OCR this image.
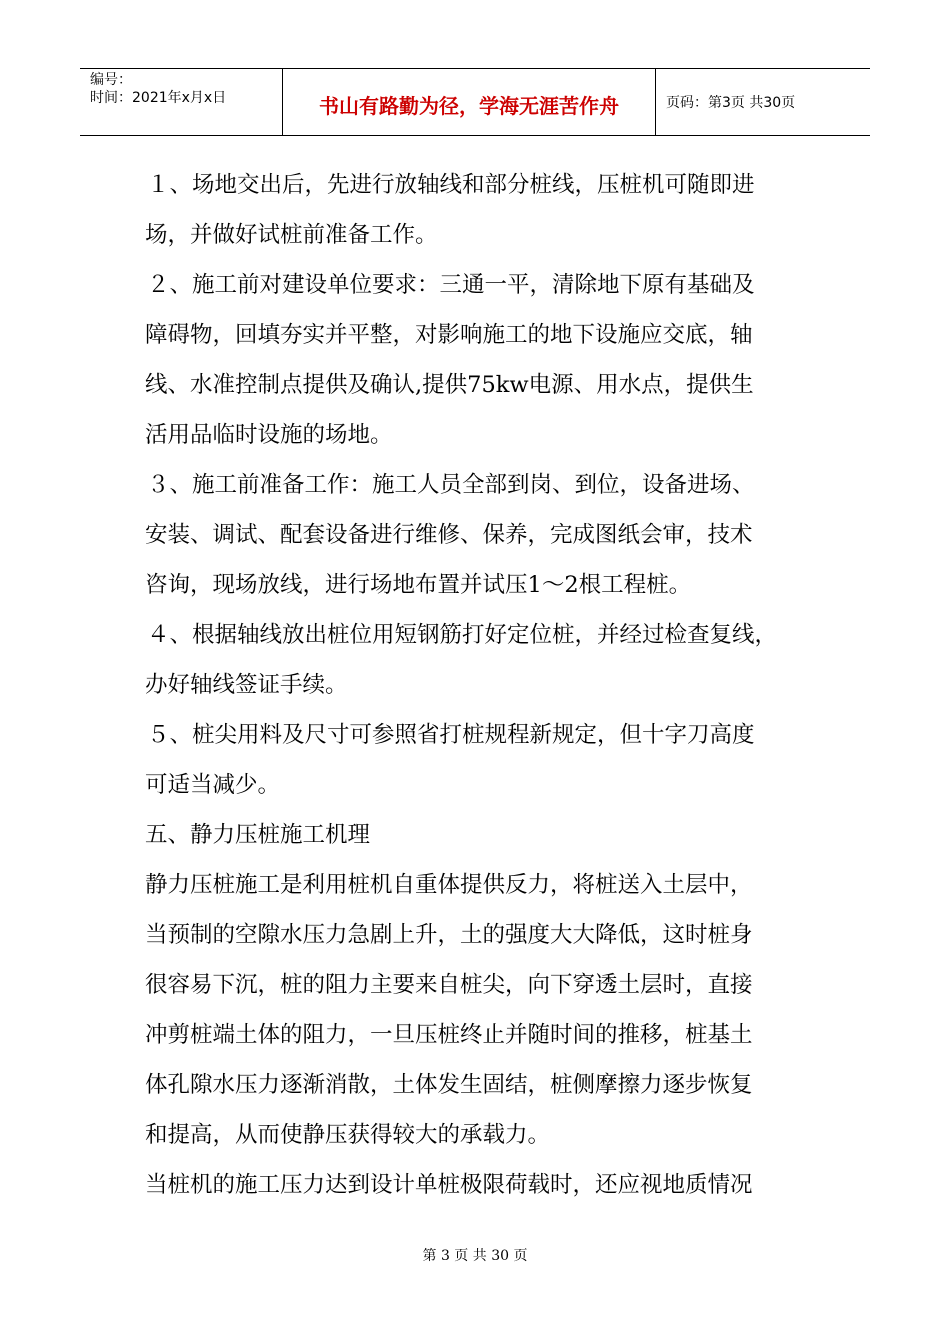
编号：
时间：2021年x月x日	书山有路勤为径，学海无涯苦作舟	页码：第3页 共30页

１、场地交出后，先进行放轴线和部分桩线，压桩机可随即进

场，并做好试桩前准备工作。

２、施工前对建设单位要求：三通一平，清除地下原有基础及

障碍物，回填夯实并平整，对影响施工的地下设施应交底，轴

线、水准控制点提供及确认,提供75kw电源、用水点，提供生

活用品临时设施的场地。

３、施工前准备工作：施工人员全部到岗、到位，设备进场、

安装、调试、配套设备进行维修、保养，完成图纸会审，技术

咨询，现场放线，进行场地布置并试压1～2根工程桩。

４、根据轴线放出桩位用短钢筋打好定位桩，并经过检查复线，

办好轴线签证手续。

５、桩尖用料及尺寸可参照省打桩规程新规定，但十字刀高度

可适当减少。

五、静力压桩施工机理

静力压桩施工是利用桩机自重体提供反力，将桩送入土层中，

当预制的空隙水压力急剧上升，土的强度大大降低，这时桩身

很容易下沉，桩的阻力主要来自桩尖，向下穿透土层时，直接

冲剪桩端土体的阻力，一旦压桩终止并随时间的推移，桩基土

体孔隙水压力逐渐消散，土体发生固结，桩侧摩擦力逐步恢复

和提高，从而使静压获得较大的承载力。

当桩机的施工压力达到设计单桩极限荷载时，还应视地质情况

第 3 页 共 30 页
